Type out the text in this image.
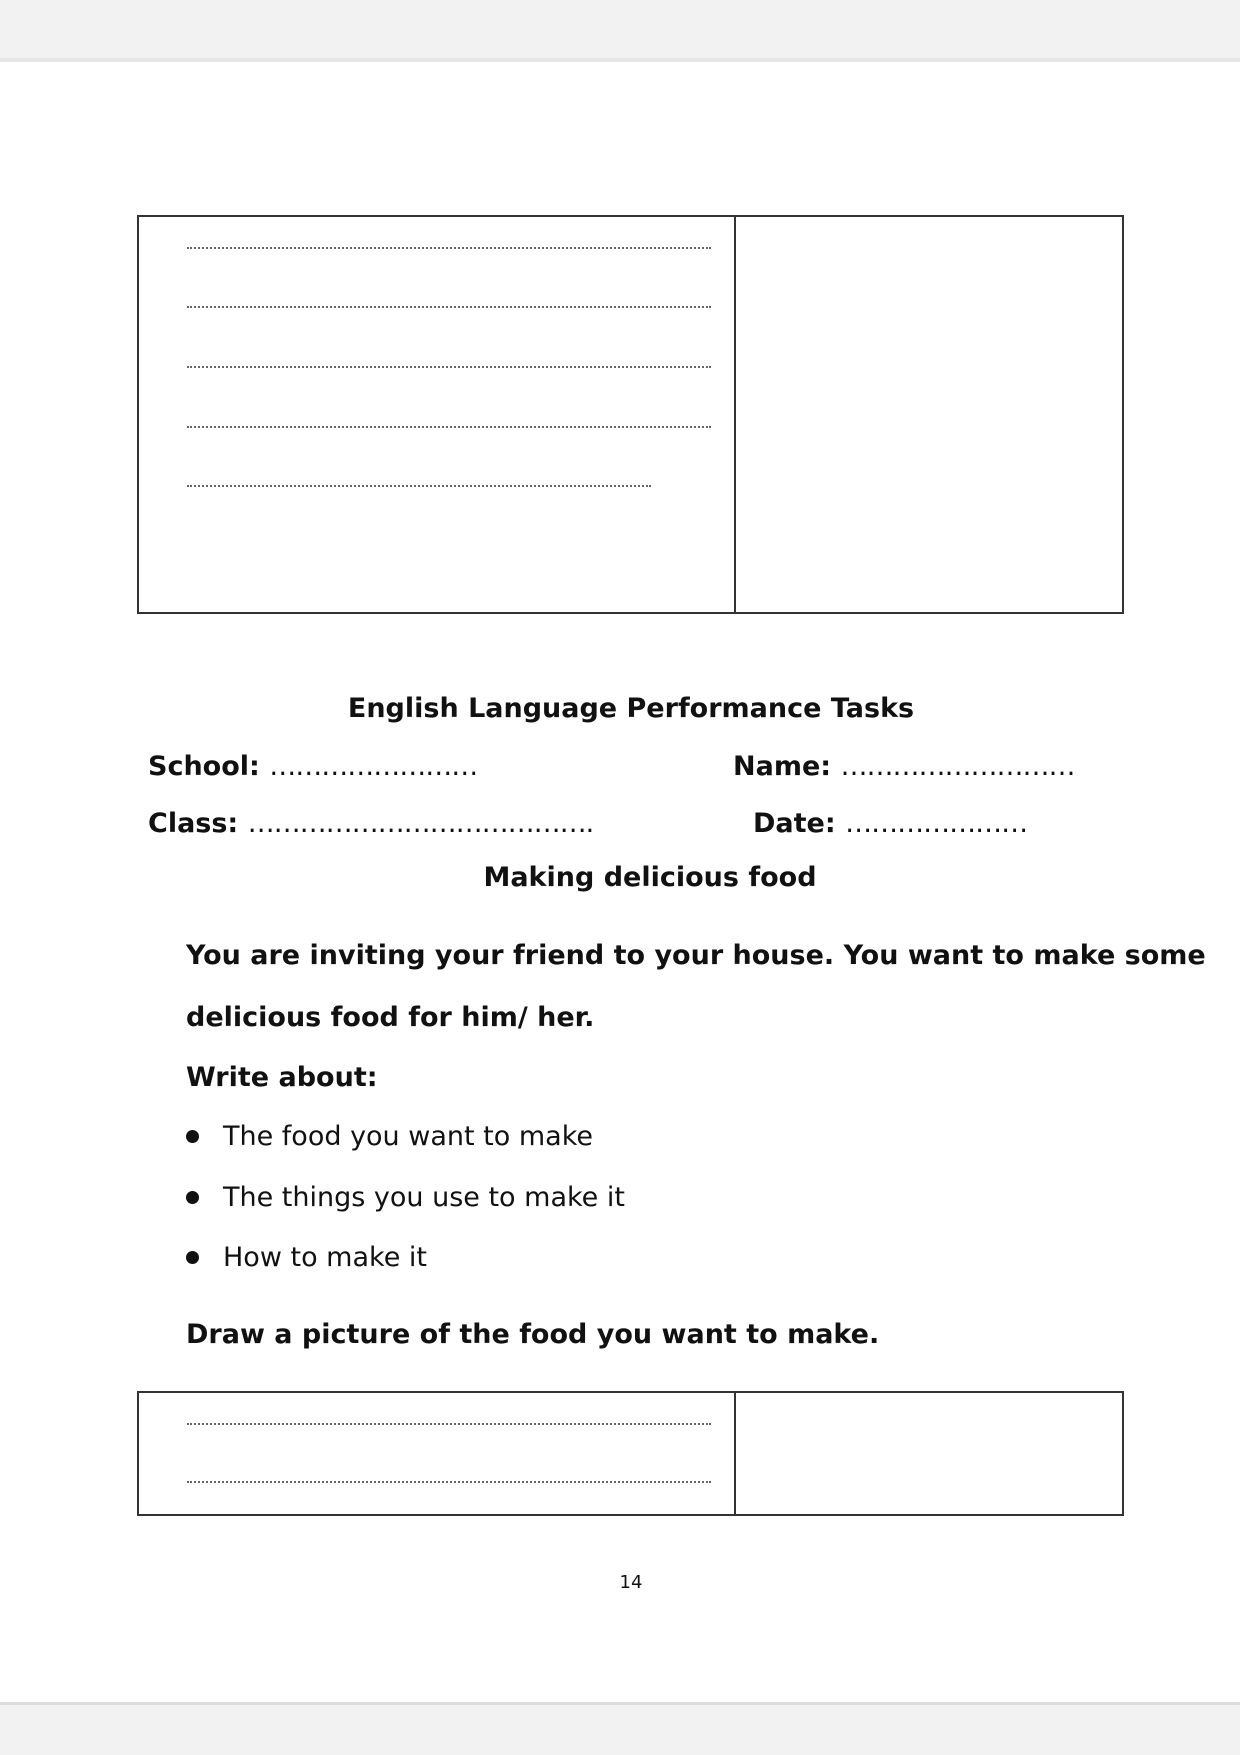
English Language Performance Tasks
School: ……………………	Name: ………………………
Class: ………………………………….	Date: …………………
Making delicious food
You are inviting your friend to your house. You want to make some
delicious food for him/ her.
Write about:
The food you want to make
The things you use to make it
How to make it
Draw a picture of the food you want to make.
14
